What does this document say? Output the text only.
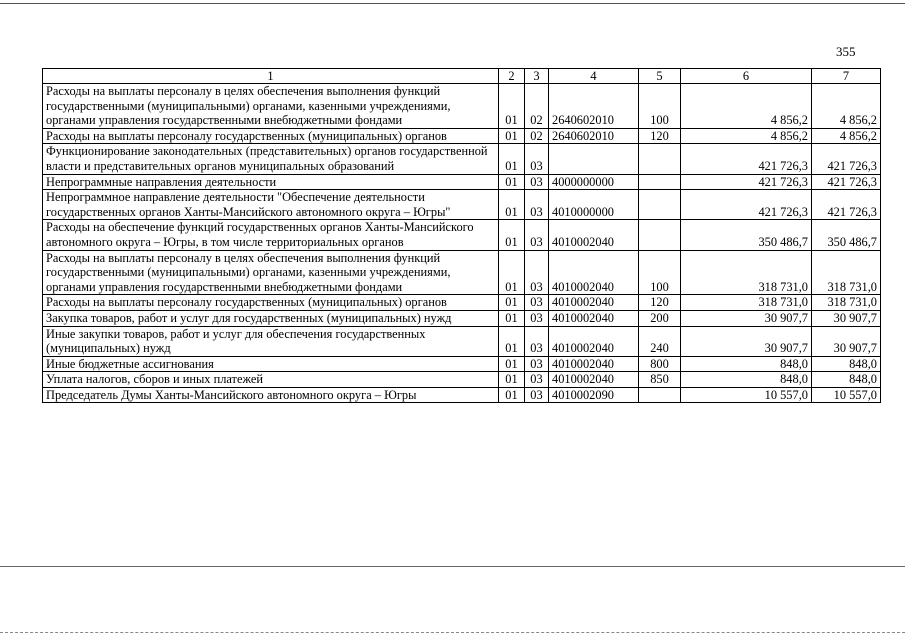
355
1	2	3	4	5	6	7
Расходы на выплаты персоналу в целях обеспечения выполнения функций государственными (муниципальными) органами, казенными учреждениями, органами управления государственными внебюджетными фондами	01	02	2640602010	100	4 856,2	4 856,2
Расходы на выплаты персоналу государственных (муниципальных) органов	01	02	2640602010	120	4 856,2	4 856,2
Функционирование законодательных (представительных) органов государственной власти и представительных органов муниципальных образований	01	03			421 726,3	421 726,3
Непрограммные направления деятельности	01	03	4000000000		421 726,3	421 726,3
Непрограммное направление деятельности "Обеспечение деятельности государственных органов Ханты-Мансийского автономного округа – Югры"	01	03	4010000000		421 726,3	421 726,3
Расходы на обеспечение функций государственных органов Ханты-Мансийского автономного округа – Югры, в том числе территориальных органов	01	03	4010002040		350 486,7	350 486,7
Расходы на выплаты персоналу в целях обеспечения выполнения функций государственными (муниципальными) органами, казенными учреждениями, органами управления государственными внебюджетными фондами	01	03	4010002040	100	318 731,0	318 731,0
Расходы на выплаты персоналу государственных (муниципальных) органов	01	03	4010002040	120	318 731,0	318 731,0
Закупка товаров, работ и услуг для государственных (муниципальных) нужд	01	03	4010002040	200	30 907,7	30 907,7
Иные закупки товаров, работ и услуг для обеспечения государственных (муниципальных) нужд	01	03	4010002040	240	30 907,7	30 907,7
Иные бюджетные ассигнования	01	03	4010002040	800	848,0	848,0
Уплата налогов, сборов и иных платежей	01	03	4010002040	850	848,0	848,0
Председатель Думы Ханты-Мансийского автономного округа – Югры	01	03	4010002090		10 557,0	10 557,0
